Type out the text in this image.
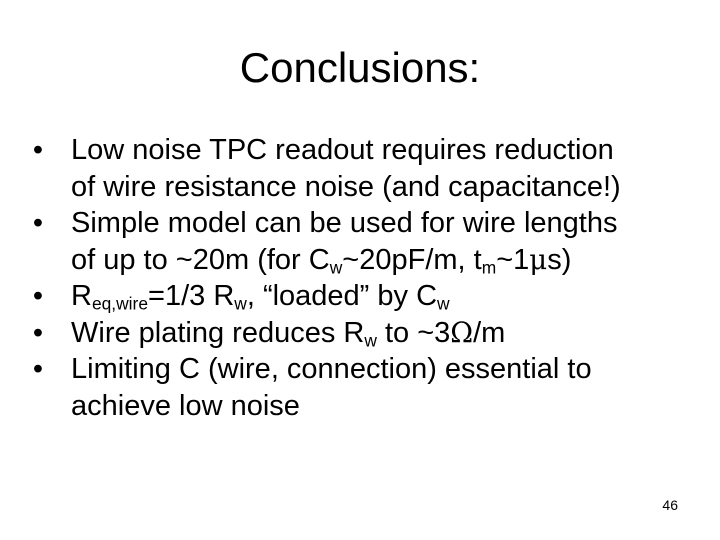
Conclusions:
• Low noise TPC readout requires reduction
of wire resistance noise (and capacitance!)
• Simple model can be used for wire lengths
of up to ~20m (for $C_w\sim 20pF/m$, $t_m\sim 1\mu s$)
• $R_{eq,wire}=1/3$ $R_w$, “loaded” by $C_w$
• Wire plating reduces $R_w$ to ~3Ω/m
• Limiting C (wire, connection) essential to
achieve low noise
46
